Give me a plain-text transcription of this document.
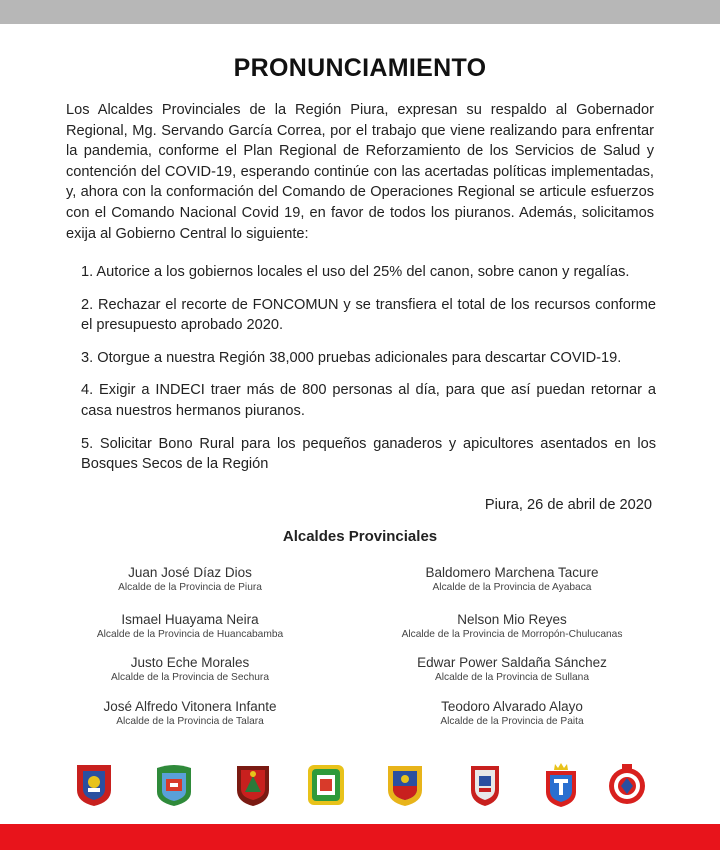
PRONUNCIAMIENTO
Los Alcaldes Provinciales de la Región Piura, expresan su respaldo al Gobernador Regional, Mg. Servando García Correa, por el trabajo que viene realizando para enfrentar la pandemia, conforme el Plan Regional de Reforzamiento de los Servicios de Salud y contención del COVID-19, esperando continúe con las acertadas políticas implementadas, y, ahora con la conformación del Comando de Operaciones Regional se articule esfuerzos con el Comando Nacional Covid 19, en favor de todos los piuranos. Además, solicitamos exija al Gobierno Central lo siguiente:
1. Autorice a los gobiernos locales el uso del 25% del canon, sobre canon y regalías.
2. Rechazar el recorte de FONCOMUN y se transfiera el total de los recursos conforme el presupuesto aprobado 2020.
3. Otorgue a nuestra Región 38,000 pruebas adicionales para descartar COVID-19.
4. Exigir a INDECI traer más de 800 personas al día, para que así puedan retornar a casa nuestros hermanos piuranos.
5. Solicitar Bono Rural para los pequeños ganaderos y apicultores asentados en los Bosques Secos de la Región
Piura, 26 de abril de 2020
Alcaldes Provinciales
Juan José Díaz Dios
Alcalde de la Provincia de Piura
Baldomero Marchena Tacure
Alcalde de la Provincia de Ayabaca
Ismael Huayama Neira
Alcalde de la Provincia de Huancabamba
Nelson Mio Reyes
Alcalde de la Provincia de Morropón-Chulucanas
Justo Eche Morales
Alcalde de la Provincia de Sechura
Edwar Power Saldaña Sánchez
Alcalde de la Provincia de Sullana
José Alfredo Vitonera Infante
Alcalde de la Provincia de Talara
Teodoro Alvarado Alayo
Alcalde de la Provincia de Paita
